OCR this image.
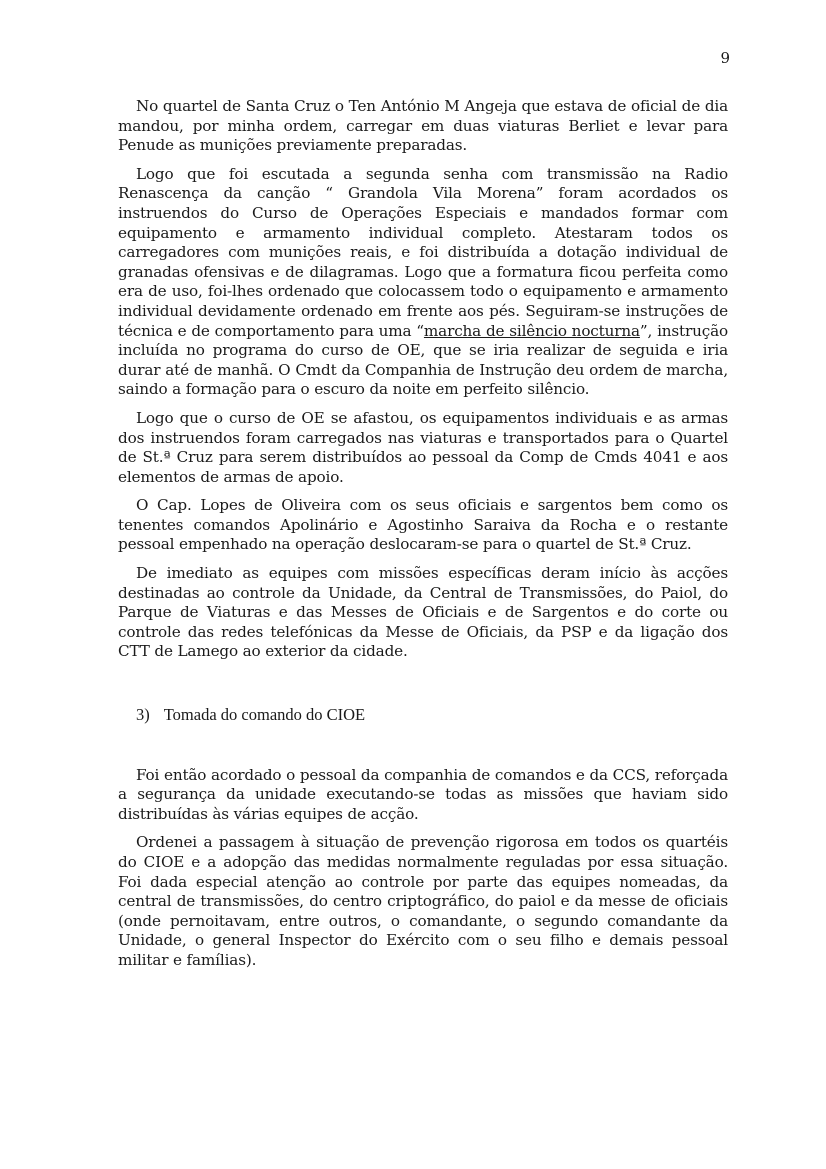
9

No quartel de Santa Cruz o Ten António M Angeja que estava de oficial de dia mandou, por minha ordem, carregar em duas viaturas Berliet e levar para Penude as munições previamente preparadas.

Logo que foi escutada a segunda senha com transmissão na Radio Renascença da canção “ Grandola Vila Morena” foram acordados os instruendos do Curso de Operações Especiais e mandados formar com equipamento e armamento individual completo. Atestaram todos os carregadores com munições reais, e foi distribuída a dotação individual de granadas ofensivas e de dilagramas. Logo que a formatura ficou perfeita como era de uso, foi-lhes ordenado que colocassem todo o equipamento e armamento individual devidamente ordenado em frente aos pés. Seguiram-se instruções de técnica e de comportamento para uma “marcha de silêncio nocturna”, instrução incluída no programa do curso de OE, que se iria realizar de seguida e iria durar até de manhã. O Cmdt da Companhia de Instrução deu ordem de marcha, saindo a formação para o escuro da noite em perfeito silêncio.

Logo que o curso de OE se afastou, os equipamentos individuais e as armas dos instruendos foram carregados nas viaturas e transportados para o Quartel de St.ª Cruz para serem distribuídos ao pessoal da Comp de Cmds 4041 e aos elementos de armas de apoio.

O Cap. Lopes de Oliveira com os seus oficiais e sargentos bem como os tenentes comandos Apolinário e Agostinho Saraiva da Rocha e o restante pessoal empenhado na operação deslocaram-se para o quartel de St.ª Cruz.

De imediato as equipes com missões específicas deram início às acções destinadas ao controle da Unidade, da Central de Transmissões, do Paiol, do Parque de Viaturas e das Messes de Oficiais e de Sargentos e do corte ou controle das redes telefónicas da Messe de Oficiais, da PSP e da ligação dos CTT de Lamego ao exterior da cidade.

3) Tomada do comando do CIOE

Foi então acordado o pessoal da companhia de comandos e da CCS, reforçada a segurança da unidade executando-se todas as missões que haviam sido distribuídas às várias equipes de acção.

Ordenei a passagem à situação de prevenção rigorosa em todos os quartéis do CIOE e a adopção das medidas normalmente reguladas por essa situação. Foi dada especial atenção ao controle por parte das equipes nomeadas, da central de transmissões, do centro criptográfico, do paiol e da messe de oficiais (onde pernoitavam, entre outros, o comandante, o segundo comandante da Unidade, o general Inspector do Exército com o seu filho e demais pessoal militar e famílias).
